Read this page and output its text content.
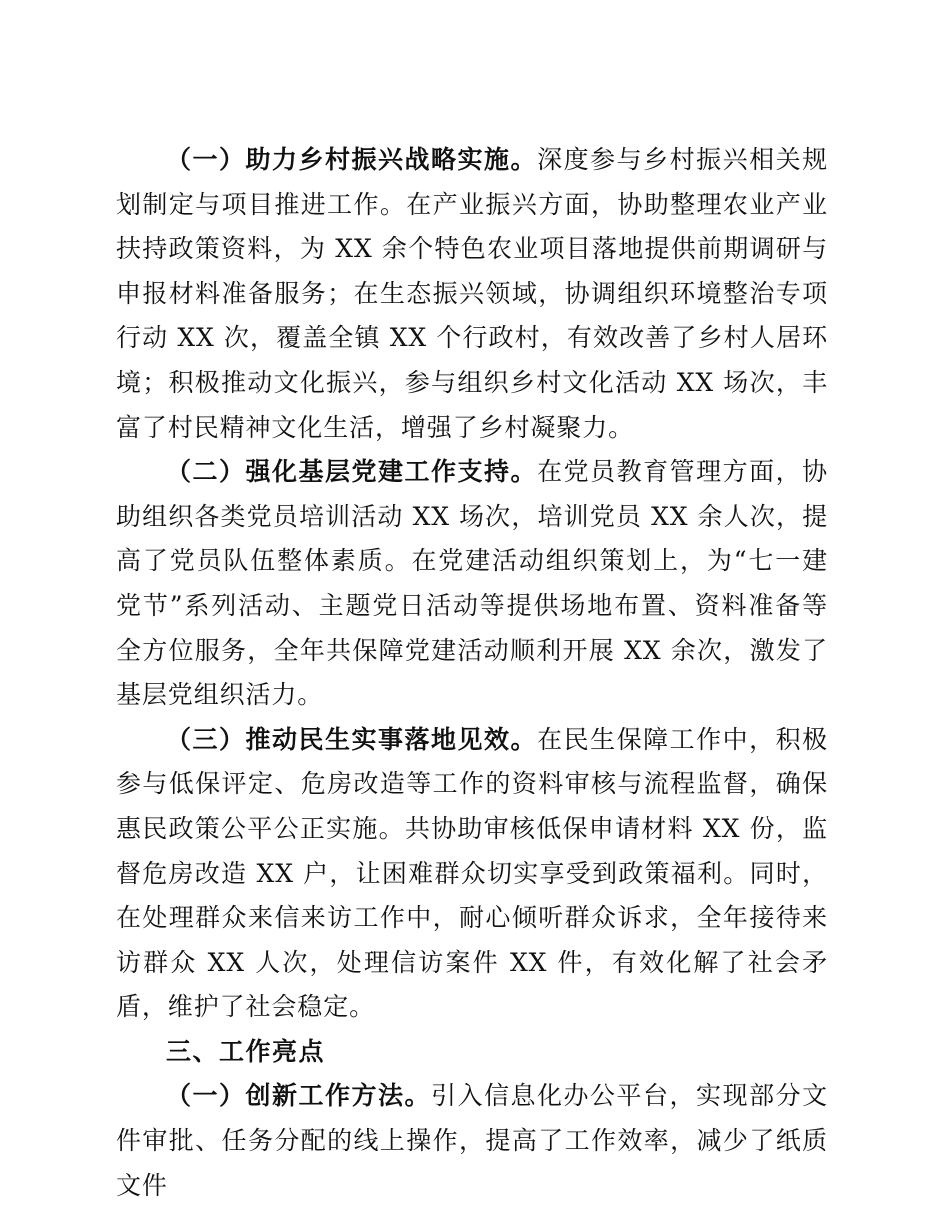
（一）助力乡村振兴战略实施。深度参与乡村振兴相关规划制定与项目推进工作。在产业振兴方面，协助整理农业产业扶持政策资料，为 XX 余个特色农业项目落地提供前期调研与申报材料准备服务；在生态振兴领域，协调组织环境整治专项行动 XX 次，覆盖全镇 XX 个行政村，有效改善了乡村人居环境；积极推动文化振兴，参与组织乡村文化活动 XX 场次，丰富了村民精神文化生活，增强了乡村凝聚力。

（二）强化基层党建工作支持。在党员教育管理方面，协助组织各类党员培训活动 XX 场次，培训党员 XX 余人次，提高了党员队伍整体素质。在党建活动组织策划上，为“七一建党节”系列活动、主题党日活动等提供场地布置、资料准备等全方位服务，全年共保障党建活动顺利开展 XX 余次，激发了基层党组织活力。

（三）推动民生实事落地见效。在民生保障工作中，积极参与低保评定、危房改造等工作的资料审核与流程监督，确保惠民政策公平公正实施。共协助审核低保申请材料 XX 份，监督危房改造 XX 户，让困难群众切实享受到政策福利。同时，在处理群众来信来访工作中，耐心倾听群众诉求，全年接待来访群众 XX 人次，处理信访案件 XX 件，有效化解了社会矛盾，维护了社会稳定。

三、工作亮点

（一）创新工作方法。引入信息化办公平台，实现部分文件审批、任务分配的线上操作，提高了工作效率，减少了纸质文件
